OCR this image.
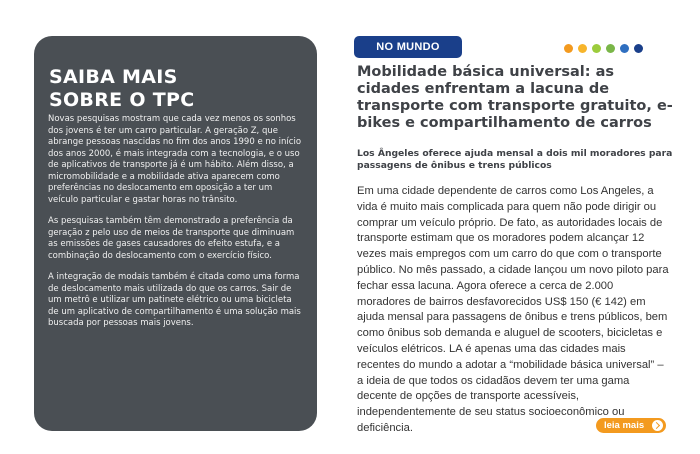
SAIBA MAIS
SOBRE O TPC

Novas pesquisas mostram que cada vez menos os sonhos dos jovens é ter um carro particular. A geração Z, que abrange pessoas nascidas no fim dos anos 1990 e no início dos anos 2000, é mais integrada com a tecnologia, e o uso de aplicativos de transporte já é um hábito. Além disso, a micromobilidade e a mobilidade ativa aparecem como preferências no deslocamento em oposição a ter um veículo particular e gastar horas no trânsito.

As pesquisas também têm demonstrado a preferência da geração z pelo uso de meios de transporte que diminuam as emissões de gases causadores do efeito estufa, e a combinação do deslocamento com o exercício físico.

A integração de modais também é citada como uma forma de deslocamento mais utilizada do que os carros. Sair de um metrô e utilizar um patinete elétrico ou uma bicicleta de um aplicativo de compartilhamento é uma solução mais buscada por pessoas mais jovens.

NO MUNDO
Mobilidade básica universal: as cidades enfrentam a lacuna de transporte com transporte gratuito, e-bikes e compartilhamento de carros

Los Ângeles oferece ajuda mensal a dois mil moradores para passagens de ônibus e trens públicos

Em uma cidade dependente de carros como Los Angeles, a vida é muito mais complicada para quem não pode dirigir ou comprar um veículo próprio. De fato, as autoridades locais de transporte estimam que os moradores podem alcançar 12 vezes mais empregos com um carro do que com o transporte público. No mês passado, a cidade lançou um novo piloto para fechar essa lacuna. Agora oferece a cerca de 2.000 moradores de bairros desfavorecidos US$ 150 (€ 142) em ajuda mensal para passagens de ônibus e trens públicos, bem como ônibus sob demanda e aluguel de scooters, bicicletas e veículos elétricos. LA é apenas uma das cidades mais recentes do mundo a adotar a “mobilidade básica universal” – a ideia de que todos os cidadãos devem ter uma gama decente de opções de transporte acessíveis, independentemente de seu status socioeconômico ou deficiência.	leia mais
